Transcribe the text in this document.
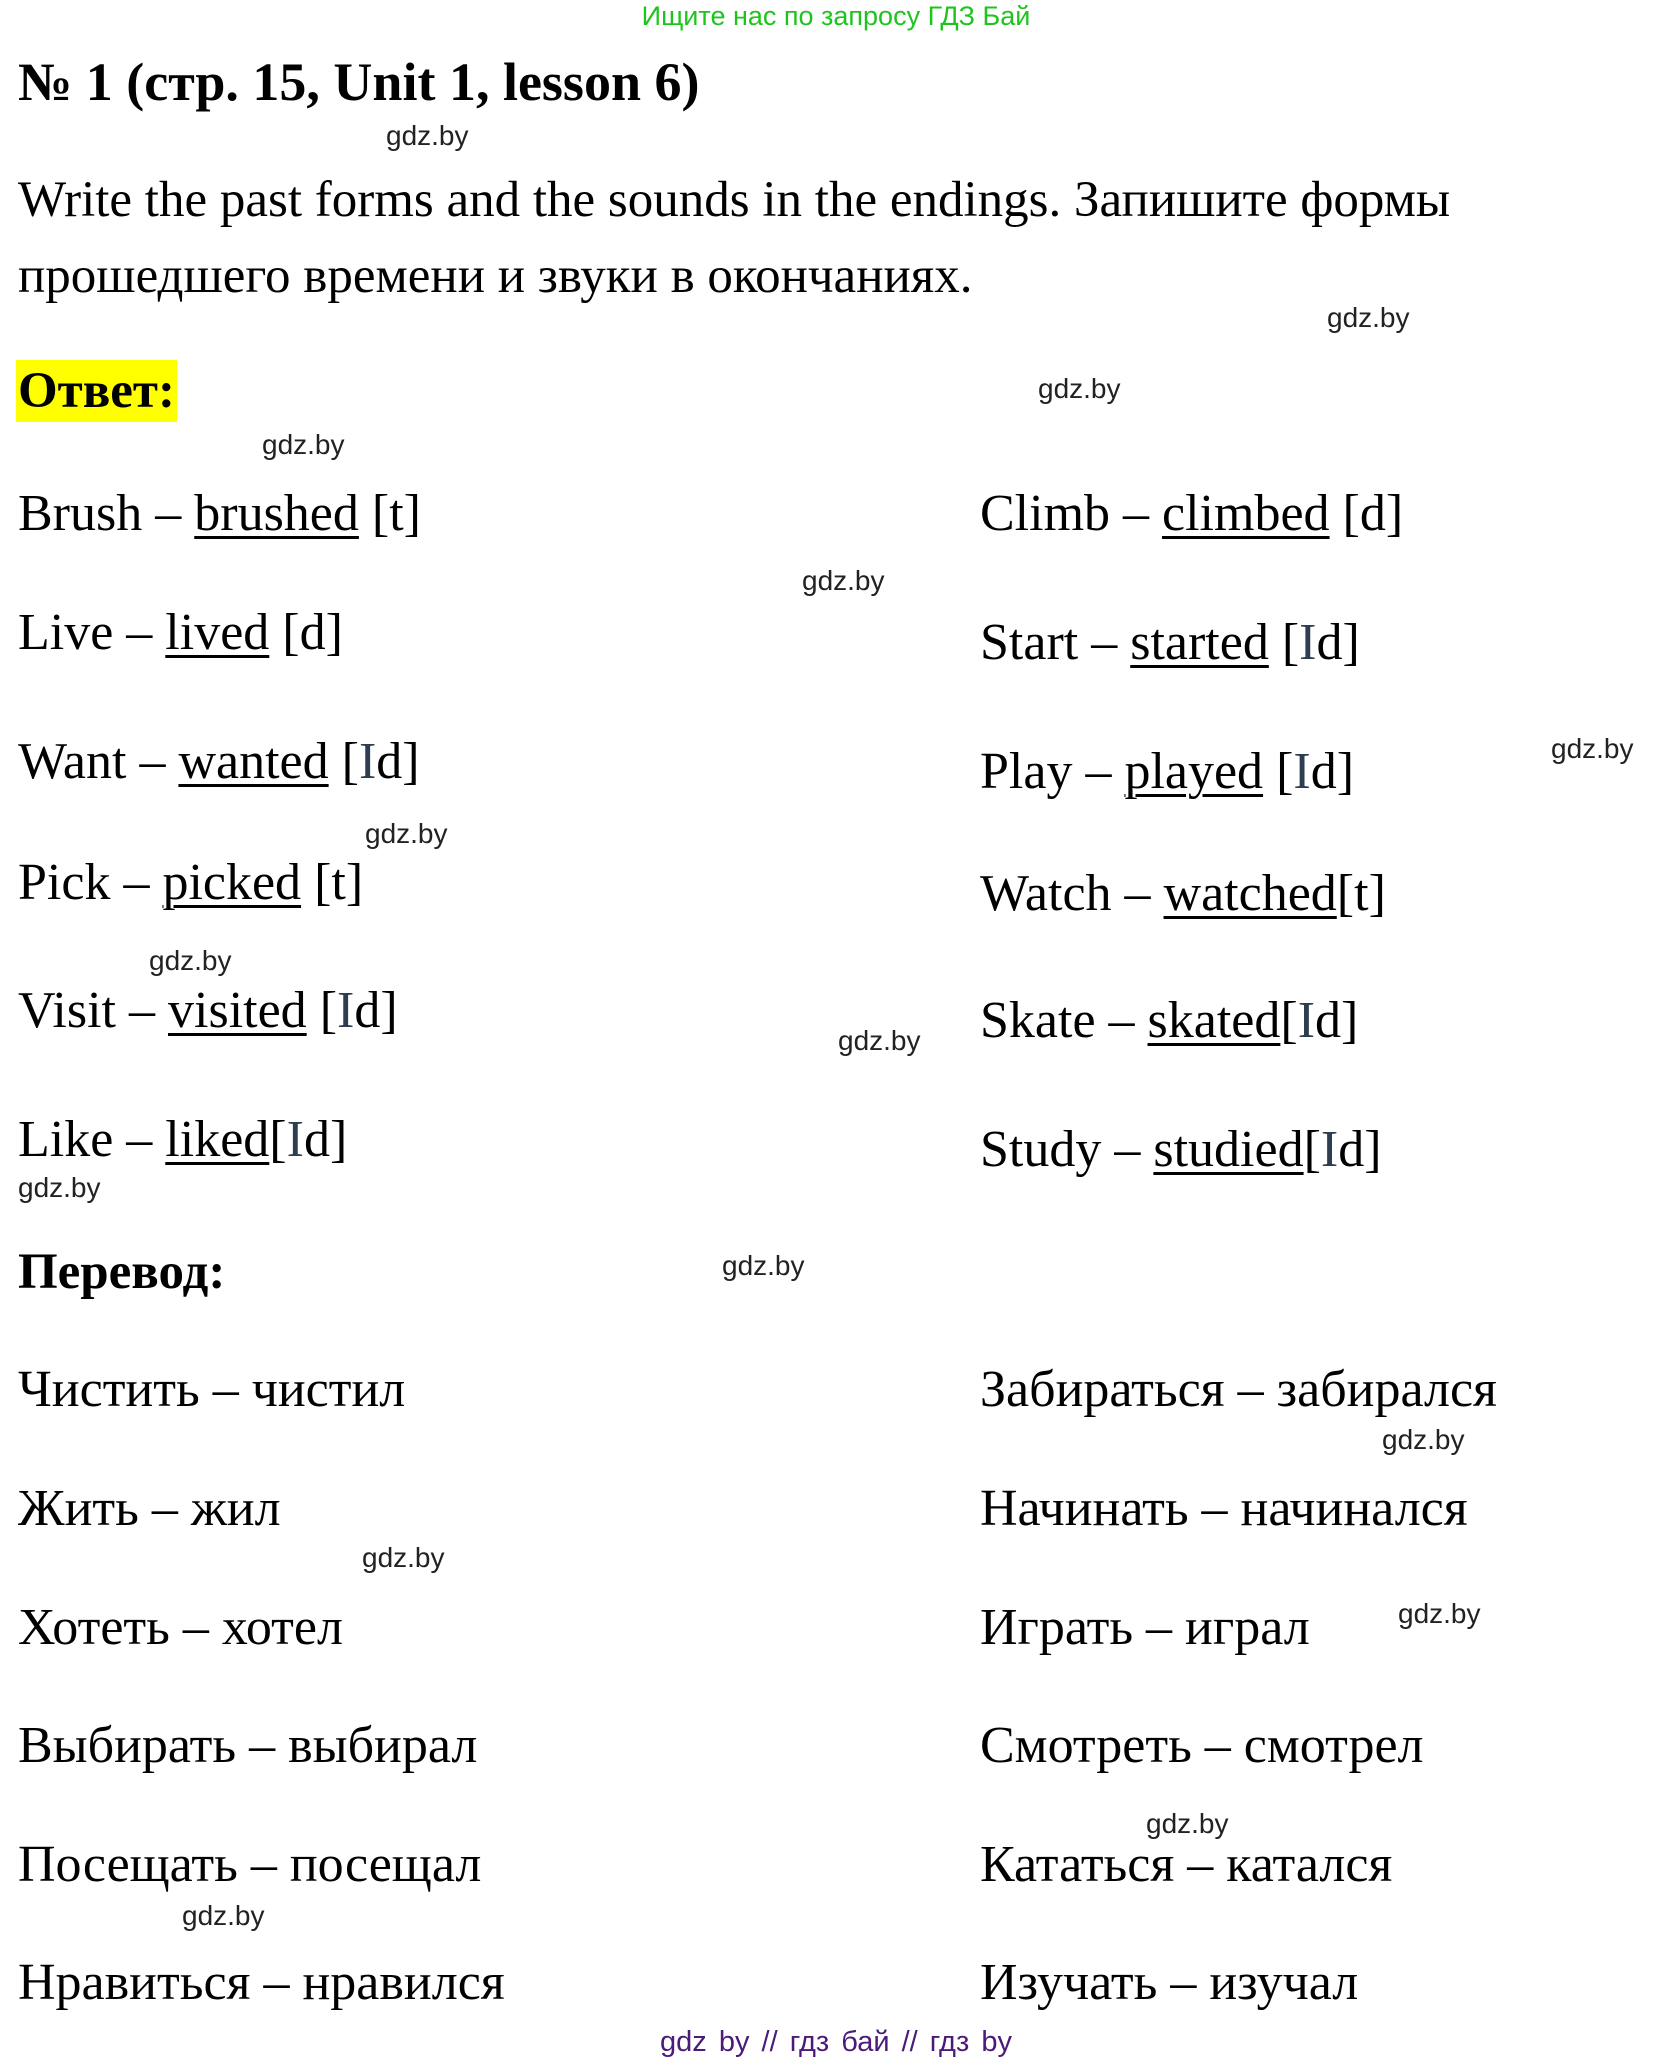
Ищите нас по запросу ГДЗ Бай
№ 1 (стр. 15, Unit 1, lesson 6)
gdz.by
Write the past forms and the sounds in the endings. Запишите формы
прошедшего времени и звуки в окончаниях.
gdz.by
Ответ:	gdz.by
gdz.by
Brush – brushed [t]
gdz.by
Live – lived [d]
Want – wanted [Id]
gdz.by
Pick – picked [t]
gdz.by
Visit – visited [Id]
gdz.by
Like – liked[Id]
gdz.by
Climb – climbed [d]
Start – started [Id]
Play – played [Id]	gdz.by
Watch – watched[t]
Skate – skated[Id]
Study – studied[Id]
Перевод:	gdz.by
Чистить – чистил
Жить – жил
gdz.by
Хотеть – хотел
Выбирать – выбирал
Посещать – посещал
gdz.by
Нравиться – нравился
Забираться – забирался
gdz.by
Начинать – начинался
Играть – играл	gdz.by
Смотреть – смотрел
gdz.by
Кататься – катался
Изучать – изучал
gdz by // гдз бай // гдз by
